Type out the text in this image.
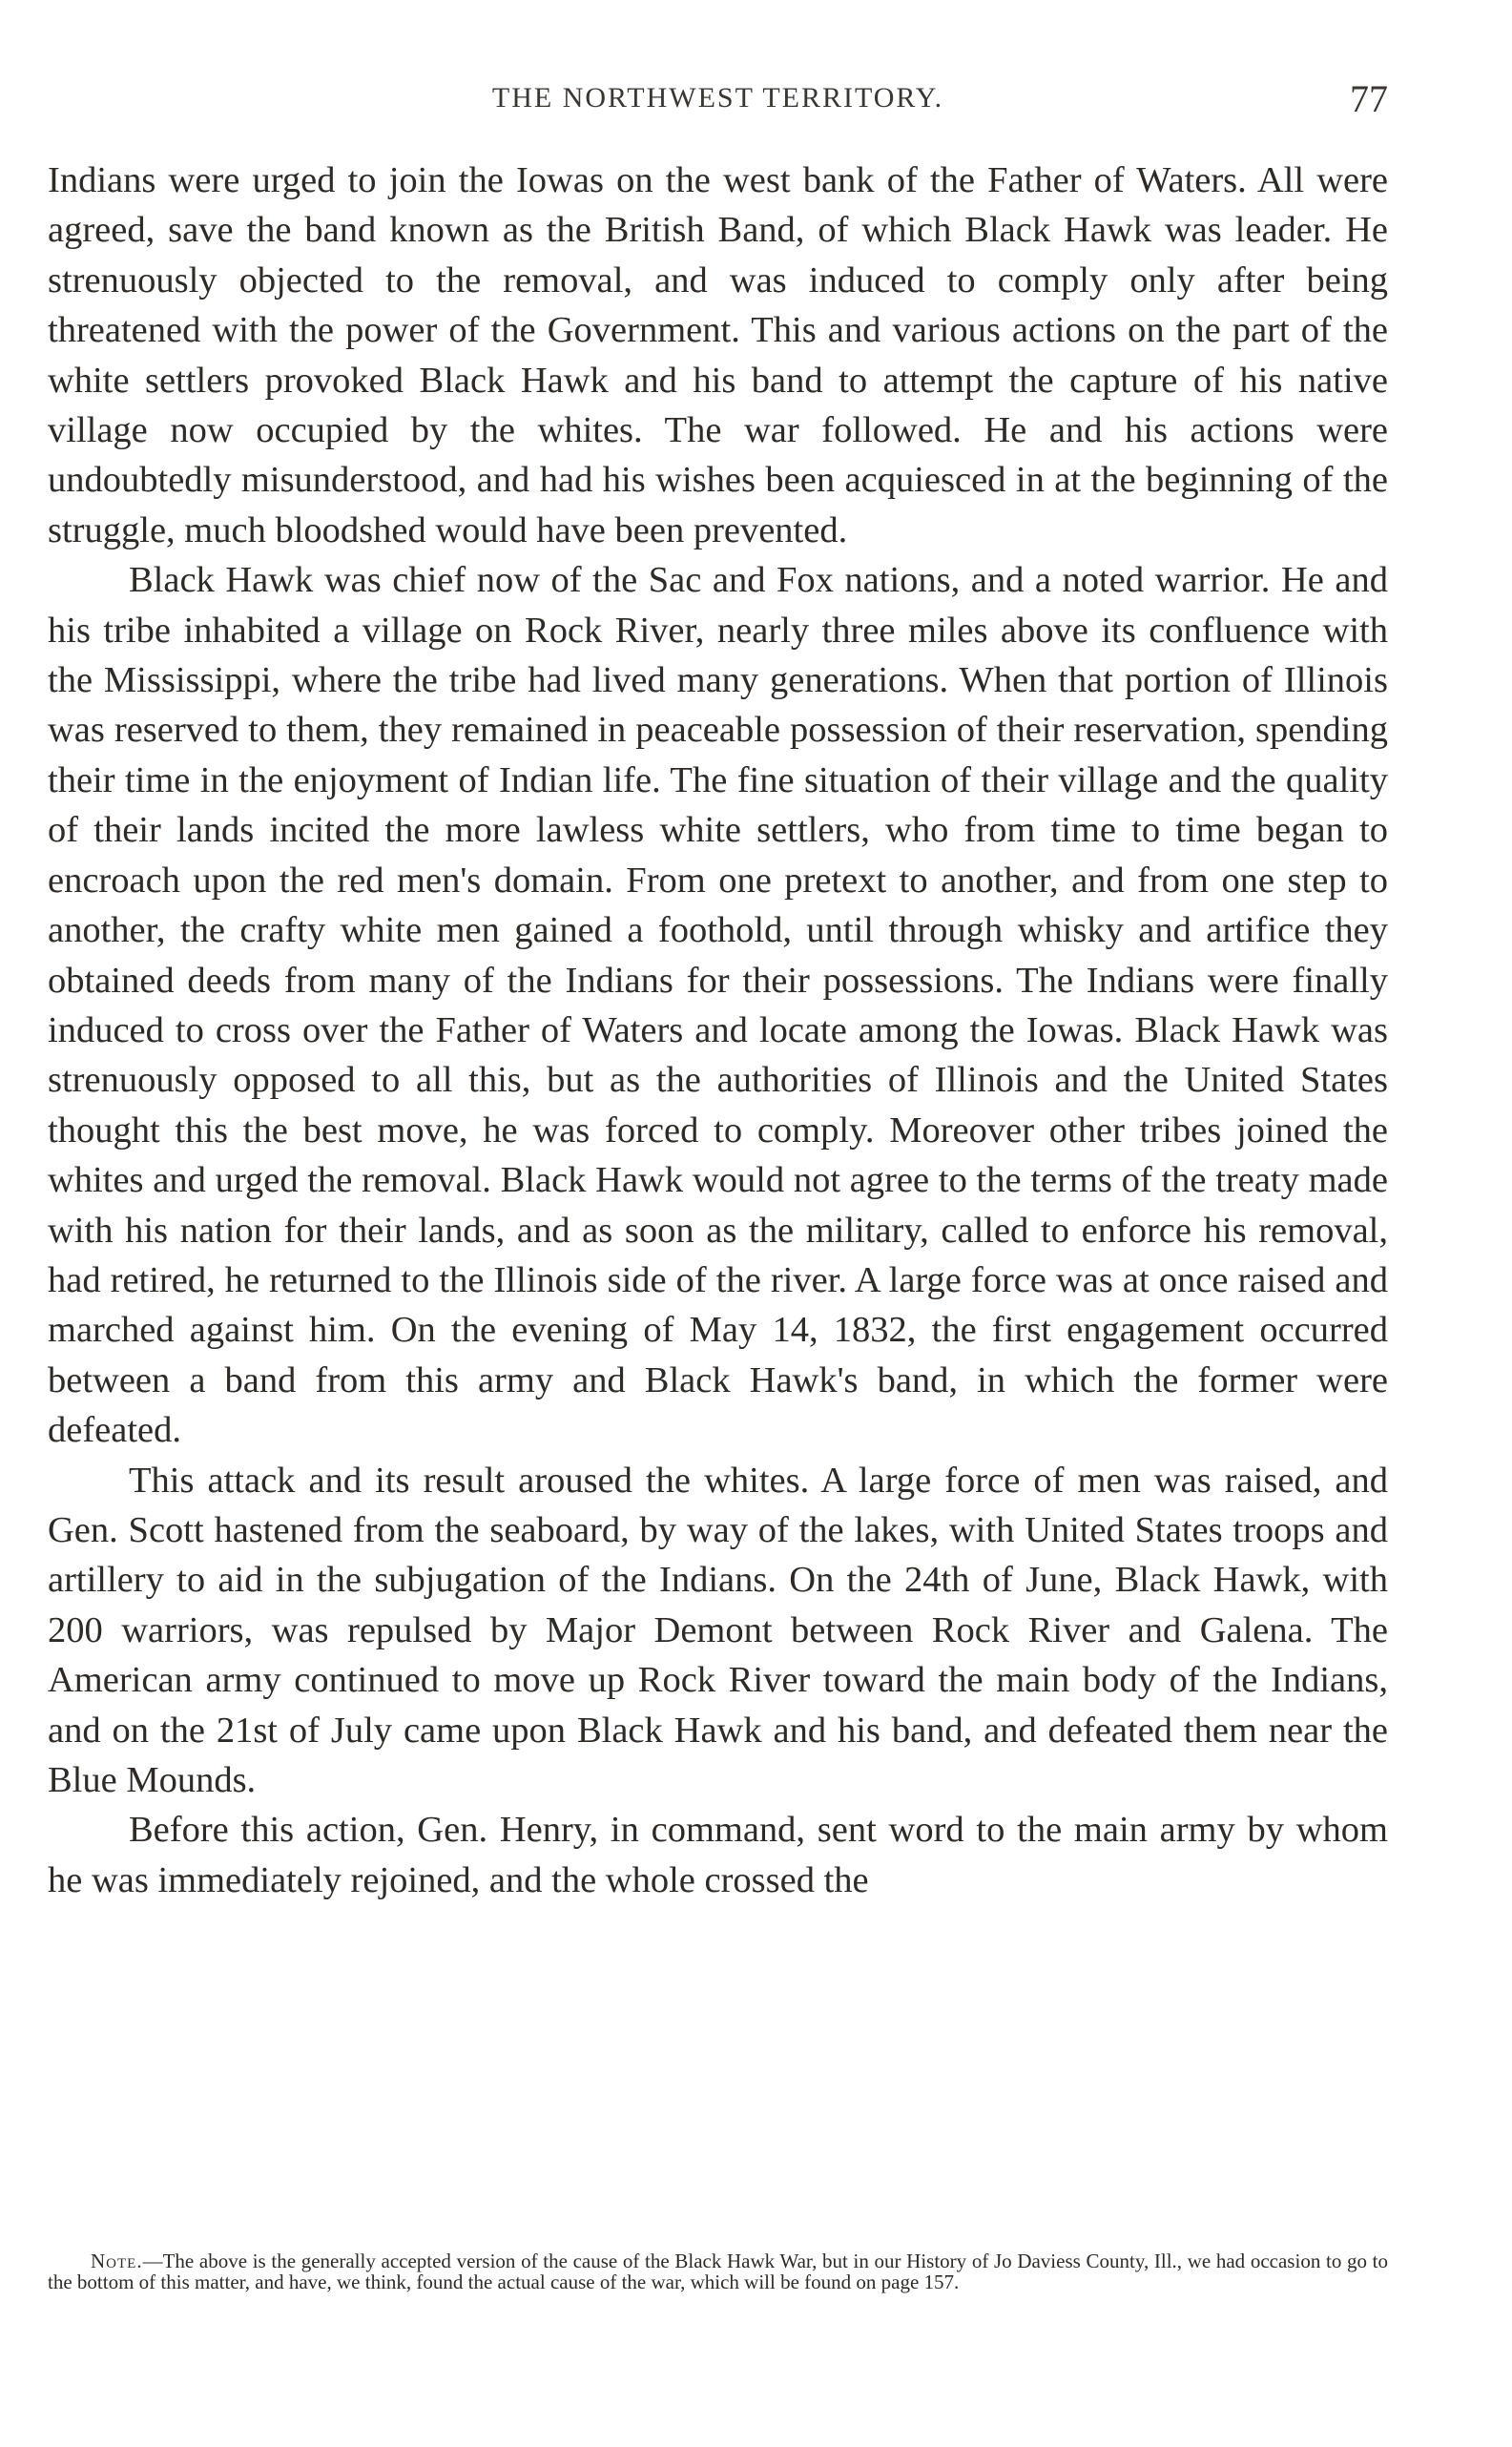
THE NORTHWEST TERRITORY.	77

Indians were urged to join the Iowas on the west bank of the Father of Waters. All were agreed, save the band known as the British Band, of which Black Hawk was leader. He strenuously objected to the removal, and was induced to comply only after being threatened with the power of the Government. This and various actions on the part of the white settlers provoked Black Hawk and his band to attempt the capture of his native village now occupied by the whites. The war followed. He and his actions were undoubtedly misunderstood, and had his wishes been acquiesced in at the beginning of the struggle, much bloodshed would have been prevented.

Black Hawk was chief now of the Sac and Fox nations, and a noted warrior. He and his tribe inhabited a village on Rock River, nearly three miles above its confluence with the Mississippi, where the tribe had lived many generations. When that portion of Illinois was reserved to them, they remained in peaceable possession of their reservation, spending their time in the enjoyment of Indian life. The fine situation of their village and the quality of their lands incited the more lawless white settlers, who from time to time began to encroach upon the red men's domain. From one pretext to another, and from one step to another, the crafty white men gained a foothold, until through whisky and artifice they obtained deeds from many of the Indians for their possessions. The Indians were finally induced to cross over the Father of Waters and locate among the Iowas. Black Hawk was strenuously opposed to all this, but as the authorities of Illinois and the United States thought this the best move, he was forced to comply. Moreover other tribes joined the whites and urged the removal. Black Hawk would not agree to the terms of the treaty made with his nation for their lands, and as soon as the military, called to enforce his removal, had retired, he returned to the Illinois side of the river. A large force was at once raised and marched against him. On the evening of May 14, 1832, the first engagement occurred between a band from this army and Black Hawk's band, in which the former were defeated.

This attack and its result aroused the whites. A large force of men was raised, and Gen. Scott hastened from the seaboard, by way of the lakes, with United States troops and artillery to aid in the subjugation of the Indians. On the 24th of June, Black Hawk, with 200 warriors, was repulsed by Major Demont between Rock River and Galena. The American army continued to move up Rock River toward the main body of the Indians, and on the 21st of July came upon Black Hawk and his band, and defeated them near the Blue Mounds.

Before this action, Gen. Henry, in command, sent word to the main army by whom he was immediately rejoined, and the whole crossed the

Note.—The above is the generally accepted version of the cause of the Black Hawk War, but in our History of Jo Daviess County, Ill., we had occasion to go to the bottom of this matter, and have, we think, found the actual cause of the war, which will be found on page 157.
